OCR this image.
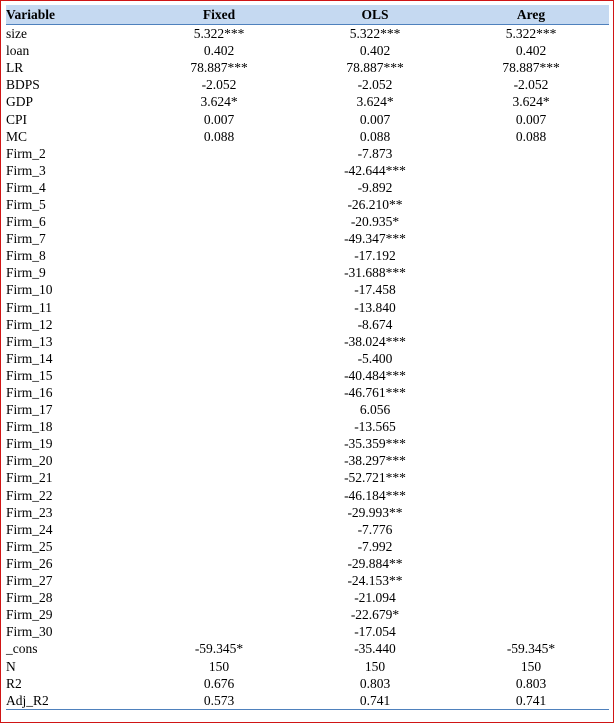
Variable	Fixed	OLS	Areg
size	5.322***	5.322***	5.322***
loan	0.402	0.402	0.402
LR	78.887***	78.887***	78.887***
BDPS	-2.052	-2.052	-2.052
GDP	3.624*	3.624*	3.624*
CPI	0.007	0.007	0.007
MC	0.088	0.088	0.088
Firm_2		-7.873	
Firm_3		-42.644***	
Firm_4		-9.892	
Firm_5		-26.210**	
Firm_6		-20.935*	
Firm_7		-49.347***	
Firm_8		-17.192	
Firm_9		-31.688***	
Firm_10		-17.458	
Firm_11		-13.840	
Firm_12		-8.674	
Firm_13		-38.024***	
Firm_14		-5.400	
Firm_15		-40.484***	
Firm_16		-46.761***	
Firm_17		6.056	
Firm_18		-13.565	
Firm_19		-35.359***	
Firm_20		-38.297***	
Firm_21		-52.721***	
Firm_22		-46.184***	
Firm_23		-29.993**	
Firm_24		-7.776	
Firm_25		-7.992	
Firm_26		-29.884**	
Firm_27		-24.153**	
Firm_28		-21.094	
Firm_29		-22.679*	
Firm_30		-17.054	
_cons	-59.345*	-35.440	-59.345*
N	150	150	150
R2	0.676	0.803	0.803
Adj_R2	0.573	0.741	0.741
